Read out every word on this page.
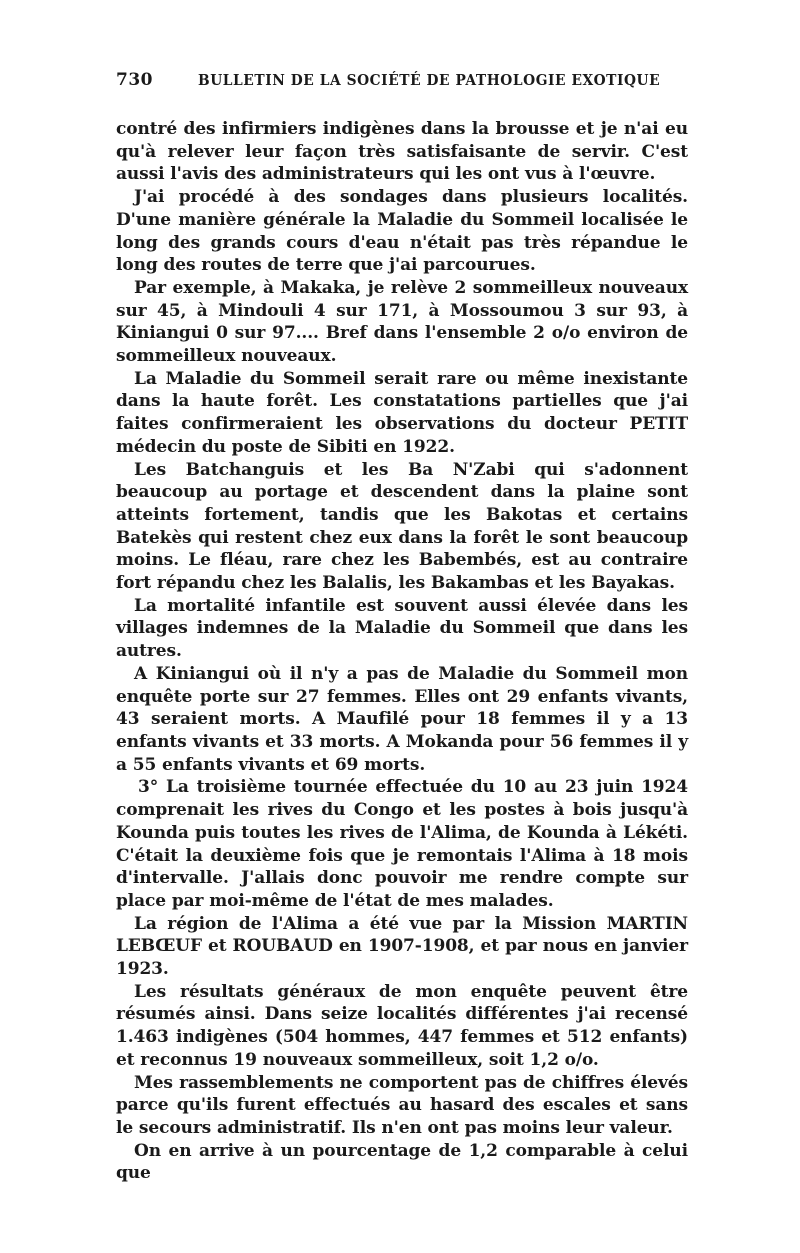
730	BULLETIN DE LA SOCIÉTÉ DE PATHOLOGIE EXOTIQUE

contré des infirmiers indigènes dans la brousse et je n'ai eu qu'à relever leur façon très satisfaisante de servir. C'est aussi l'avis des administrateurs qui les ont vus à l'œuvre.

J'ai procédé à des sondages dans plusieurs localités. D'une manière générale la Maladie du Sommeil localisée le long des grands cours d'eau n'était pas très répandue le long des routes de terre que j'ai parcourues.

Par exemple, à Makaka, je relève 2 sommeilleux nouveaux sur 45, à Mindouli 4 sur 171, à Mossoumou 3 sur 93, à Kiniangui 0 sur 97.... Bref dans l'ensemble 2 o/o environ de sommeilleux nouveaux.

La Maladie du Sommeil serait rare ou même inexistante dans la haute forêt. Les constatations partielles que j'ai faites confirmeraient les observations du docteur PETIT médecin du poste de Sibiti en 1922.

Les Batchanguis et les Ba N'Zabi qui s'adonnent beaucoup au portage et descendent dans la plaine sont atteints fortement, tandis que les Bakotas et certains Batekès qui restent chez eux dans la forêt le sont beaucoup moins. Le fléau, rare chez les Babembés, est au contraire fort répandu chez les Balalis, les Bakambas et les Bayakas.

La mortalité infantile est souvent aussi élevée dans les villages indemnes de la Maladie du Sommeil que dans les autres.

A Kiniangui où il n'y a pas de Maladie du Sommeil mon enquête porte sur 27 femmes. Elles ont 29 enfants vivants, 43 seraient morts. A Maufilé pour 18 femmes il y a 13 enfants vivants et 33 morts. A Mokanda pour 56 femmes il y a 55 enfants vivants et 69 morts.

3° La troisième tournée effectuée du 10 au 23 juin 1924 comprenait les rives du Congo et les postes à bois jusqu'à Kounda puis toutes les rives de l'Alima, de Kounda à Lékéti. C'était la deuxième fois que je remontais l'Alima à 18 mois d'intervalle. J'allais donc pouvoir me rendre compte sur place par moi-même de l'état de mes malades.

La région de l'Alima a été vue par la Mission MARTIN LEBŒUF et ROUBAUD en 1907-1908, et par nous en janvier 1923.

Les résultats généraux de mon enquête peuvent être résumés ainsi. Dans seize localités différentes j'ai recensé 1.463 indigènes (504 hommes, 447 femmes et 512 enfants) et reconnus 19 nouveaux sommeilleux, soit 1,2 o/o.

Mes rassemblements ne comportent pas de chiffres élevés parce qu'ils furent effectués au hasard des escales et sans le secours administratif. Ils n'en ont pas moins leur valeur.

On en arrive à un pourcentage de 1,2 comparable à celui que
